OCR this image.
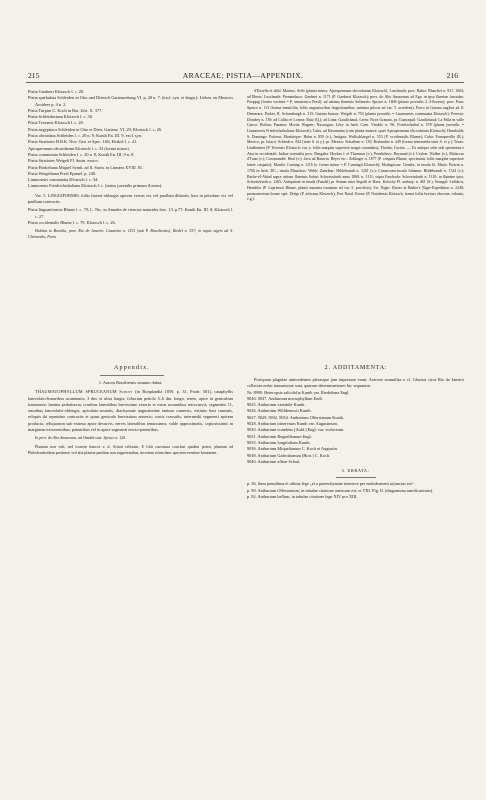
215	ARACEAE: PISTIA—APPENDIX.	216

Pistia Gardneri Klotzsch l. c. 28.

Pistia spathulata Schleiden in Otto und Dietrich Gartenzeitung VI. p. 20 n. 7. (excl. syn. et diagn.); Liebm. en Mexicos Aroideer p. 4 n. 2.

Pistia Turpini C. Koch in Bot. Zeit. X. 377.

Pistia Schleideniana Klotzsch l. c. 30.

Pistia Texensis Klotzsch l. c. 28.

Pistia aegyptiaca Schleiden in Otto et Dietr. Gartenz. VI. 29; Klotzsch l. c. 26.

Pistia obcordata Schleiden l. c. 20 n. 9; Kunth En. III. 9, excl. syn.

Pistia Stratiotes H.B.K. Nov. Gen. et Spec. I.66; Horkel l. c. 41.

Apiospermum obcordatum Klotzsch l. c. 33 (forma minor).

Pistia commutata Schleiden l. c. 20 n. 8; Kunth En. III. 9 n. 8.

Pistia Stratiotes Weigelt Pl. Surin. exsicc.

Pistia Horkeliana Miquel Symb. ad fl. Surin. in Linnaea XVIII. 81.

Pistia Weigeltiana Presl Epimel. p. 240.

Limnonesis commutata Klotzsch l. c. 34.

Limnonesis Friedrichsthaliana Klotzsch l. c. (status juvenilis primum florens).

Var. 5. LINGUIFORMIS, foliis lineari-oblongis apicem versus vix vel paullum dilatatis, basi in petiolum vix vel paullum contractis.

Pistia linguaeformis Blume l. c. 79; L. Nic. in Annales de ciencias naturales fasc. 13. p.77; Kunth En. III. 8; Klotzsch l. c. 27.

Pistia occidentalis Blume l. c. 79. Klotzsch l. c. 26.

Habitat in Brasilia, prov. Rio de Janeiro: Casaretto n. 1151 (sub P. Brasiliensis), Riedel n. 537; in aquis nigris ad S. Christovão, Porto

d'Estrella et alibi: Martius, Sello (planta minor, Apiospermum obcordatum Klotzsch), Luschnath; prov. Bahia: Blanchet n. 931. 1004; ad Ilheus: Luschnath; Pernambuco: Gardner n. 1171 (P. Gardneri Klotzsch); prov. do Alto Amazonas ad Ega, in ipso flumine frustulas: Poeppig (forma vacinea = P. amazonica Presl); ad antiam fluminis Solimoës: Spruce n. 1606 (planta juvenilis 2–3-florens); prov. Para: Spruce n. 113 (forma tenuifolia, foliis angustioribus linguiformibus, minima pilosis ad var. 5. accedens). Porro in Guiana anglica ad fl. Demerara: Parker, R. Schomburgk n. 315; Guiana batava: Weigelt n. 753 (planta juvenilis = Limnonesis commutata Klotzsch); Peruvia: Dombey n. 139; ad Callao et Lomos: Ruiz (Q.); ad Lima: Gaudichaud, Lerm; Nova Granata, pr. Guayaquil: Gaudichaud; La Paila in valle Cauca: Holton; Panama: Moritz Wagner; Nicaragua: Lévy in herb. Caes. Vindob. n. 90; Friedrichsthal n. 578 (planta juvenilis = Limnonesis Friedrichsthaliana Klotzsch); Cuba, ad Havannam (cum planta minore, quae Apiospermum obcordatum Klotzsch); Humboldt; S. Domingo: Poiteau; Martinique: Hahn n. 850 (v.); Antigua: Wullschlaegel n. 553 (P. occidentalis Blume); Cuba: Franqueville (B.); Mexico, pr. Ixtacó: Schiede n. 842 (inter S. et y.); pr. Mexico: Schaffner n. 139, Berlandier n. 449 (forma intermedia inter S. et y.); Texas: Lindheimer (P. Texensis Klotzsch; var. y. foliis margine superiore magis rotundatis); Florida: Curtiss. — Ex antiquo orbe vidi specimina e Asia in occidentali: Indiae orientalis prov. Bengalia: Hooker f. et Thomson (v.); Pondichery: Reynaud (v.); Ceylon: Walker (v.); Malaccas d'Tuan (v.); Coromandel: Heat (v.); Java ad Batavia. Beyer etc.: Zollinger n. 1877 (P. crispata Blume, speciminis foliis margine superiore latere crispatis); Manila: Cuming n. 1116 (v. forma minor = P. Cumingii Klotzsch); Madagascar: Goudot; in insula St. Marie: Boivin n. 1700 in herb. DC.; insula Mauritius: Webb; Zanzibar: Hildebrandt n. 1261 (v.); Cameroons-insula Johanna: Hildebrandt n. 1744 (v.); Bache-el-Abiad supra ostium fluminis Sobat: Schweinfurth anno 1869. n. 1111; supra Faschoda: Schweinfurth n. 1110; in flumine ipso: Schweinfurth n. 1265; Antiquitate in insula (Fazokl) pr. Sennar inter Segolli et Haru: Kotschy Pl. aethiop. n. 461 (S.); Senegal: Leibkow, Heudelot (P. Leprieurii Blume, planta maxima tranatum ad var. 5. proclivis); Sw. Niger: Barter in Baikie's Niger-Expedition n. 2248; promontorium bonae spei: Drège (P. africana Klotzsch); Port Natal: Krone (P. Natalensis Klotzsch, forma foliis brevius obovata, robusta, e.g.).

Appendix.

1. Aracea Brasiliensis omnino dubia:

THAUMATOPHYLLUM SPRUCEANUM Schott (in Bonplandia 1859. p. 31, Prodr. 581), cataphyllis lanceolato-linearibus acuminatis, 3 dm. et ultra longis; foliorum petiolo 5–6 dm. longo, terete, apice in geniculum transeunte; lamina pedatisecta, cruribus lateralibus brevissime exserto et extus acuantibus retrocurvis, segmentis 11, omnibus lanceolatis-oblongis, apiculato-acutatis, diachymate angustissime tantum connexis, extimis basi cuneatis, reliquis ibi repentino contractis et quasi geniculo brevissimo annexis; costis crassulis, intermedii segmenti apicem producta, reliquorum sub extimo apice decurvis, nervis lateralibus tenuissimis, valde approximatis, copiosissimis in marginem excurrentibus, patentibus vel in apice segmenti erecto-patentibus.

In prov. do Alto Amazonas, ad Omabá sius: Spruce n. 120.

Plantam non vidi, sed iconem huncce a cl. Schott relictam. E folii curvatura conclusi quidem potest, plantam ad Philodendroidem pertinere, sed alia plantae partibus non suppetentibus, incertum etiam hanc speciem evenisse bonitatem.

2. ADDITAMENTA:

Postquam plagulae antecedentes plerasque jam impressae erant, Araceae nonnullae a cl. Glaziou circa Rio de Janeiro collectae nobis transmissae sunt, quarum determinationes hic sequuntur.

Nr. 8999. Heteropsis salicifolia Kunth var. Riedeliana Engl.

9046. 9037. Anthurium microphyllum Endl.

9025. Anthurium variabile Kunth.

9026. Anthurium Willdenowii Kunth.

9027. 9029. 9032. 9054. Anthurium Olfersianum Kunth.

9028. Anthurium trinervium Kunth var. Augustinum.

9030. Anthurium scandens (Aubl.) Engl. var. violaceum.

9031. Anthurium Regnellianum Engl.

9035. Anthurium longifolium Kunth.

9036. Anthurium Miquelianum C. Koch et Augustin.

9038. Anthurium Galeottianum (Hort.) C. Koch.

9040. Anthurium affine Schott.

3. ERRATA:

p. 36. lineа penultima et ultima lege „et a parenchymate interiore per endodermem sejunctus est“.

p. 90. Anthurium Olfersianum, in tabulae citatione omissum est: et VIII. Fig. II. (diagramma ramificationis).

p. 92. Anthurium bellum, in tabulae citatione lege XIV pro XIII.
